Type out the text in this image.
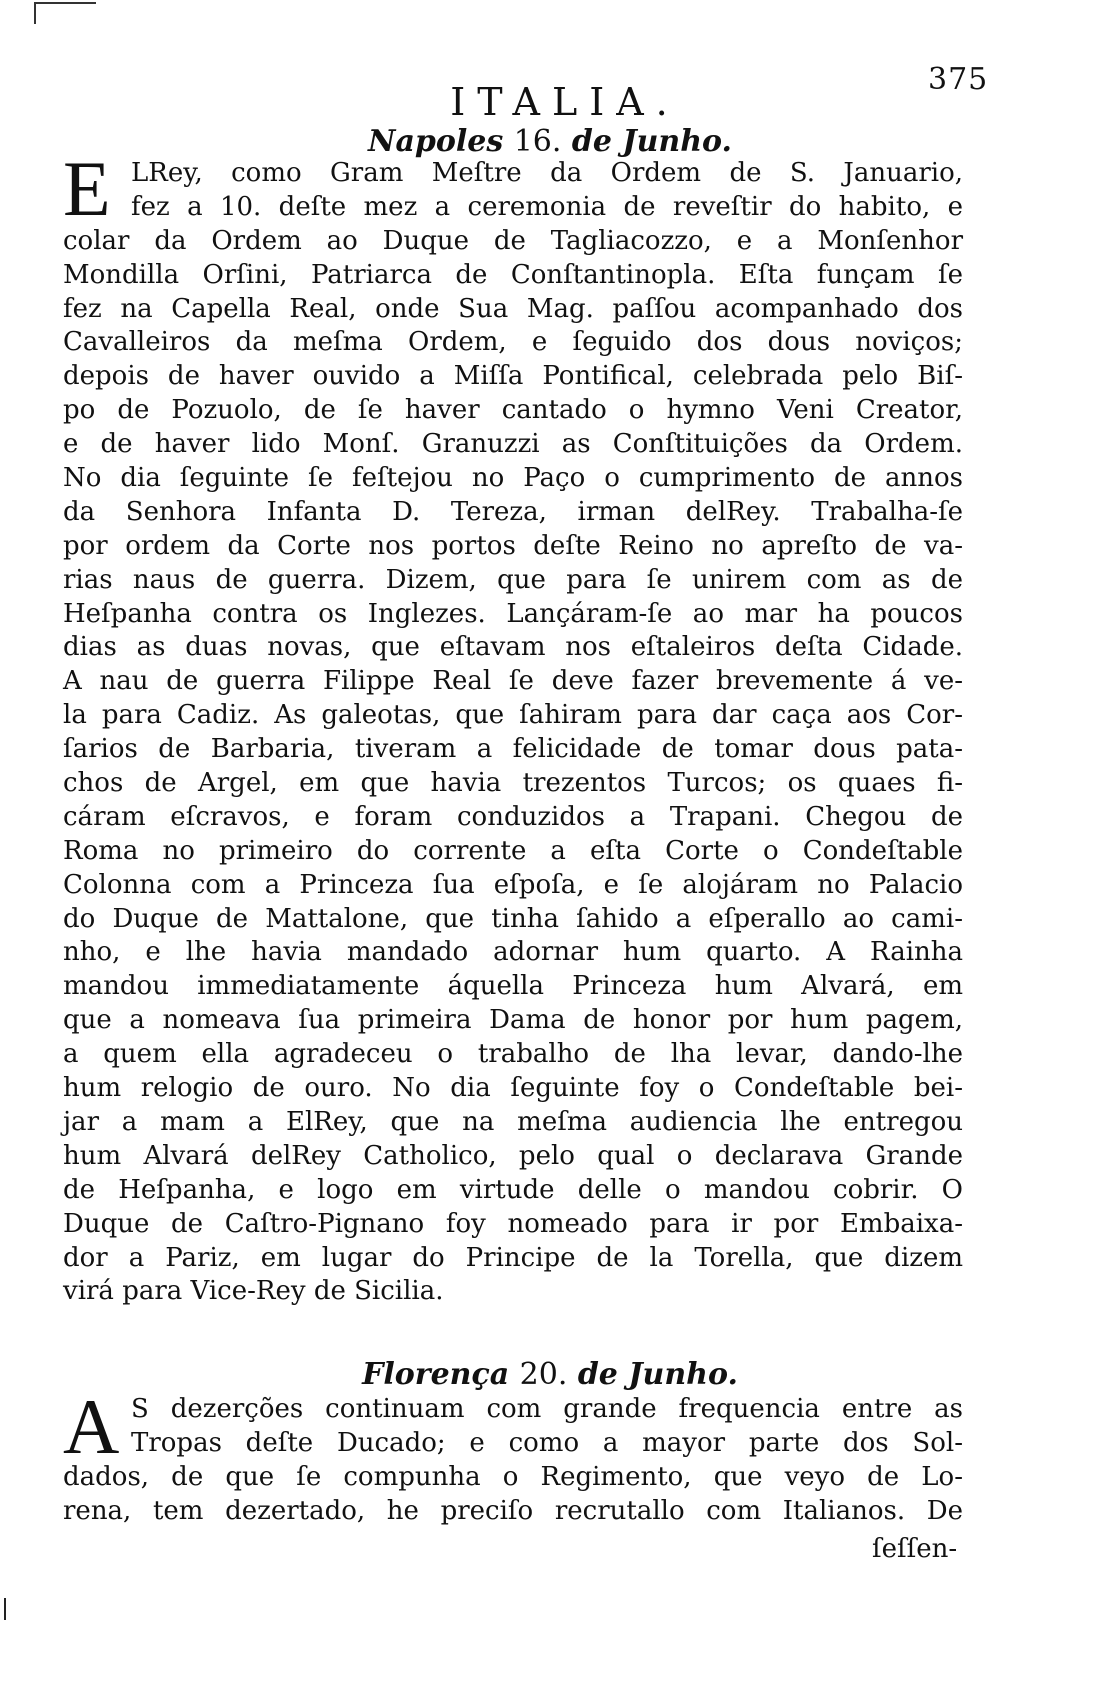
375
ITALIA.
Napoles 16. de Junho.
E LRey, como Gram Meſtre da Ordem de S. Januario,
fez a 10. deſte mez a ceremonia de reveſtir do habito, e
colar da Ordem ao Duque de Tagliacozzo, e a Monſenhor
Mondilla Orſini, Patriarca de Conſtantinopla. Eſta funçam ſe
fez na Capella Real, onde Sua Mag. paſſou acompanhado dos
Cavalleiros da meſma Ordem, e ſeguido dos dous noviços;
depois de haver ouvido a Miſſa Pontifical, celebrada pelo Biſ-
po de Pozuolo, de ſe haver cantado o hymno Veni Creator,
e de haver lido Monſ. Granuzzi as Conſtituições da Ordem.
No dia ſeguinte ſe feſtejou no Paço o cumprimento de annos
da Senhora Infanta D. Tereza, irman delRey. Trabalha-ſe
por ordem da Corte nos portos deſte Reino no apreſto de va-
rias naus de guerra. Dizem, que para ſe unirem com as de
Heſpanha contra os Inglezes. Lançáram-ſe ao mar ha poucos
dias as duas novas, que eſtavam nos eſtaleiros deſta Cidade.
A nau de guerra Filippe Real ſe deve fazer brevemente á ve-
la para Cadiz. As galeotas, que ſahiram para dar caça aos Cor-
ſarios de Barbaria, tiveram a felicidade de tomar dous pata-
chos de Argel, em que havia trezentos Turcos; os quaes fi-
cáram eſcravos, e foram conduzidos a Trapani. Chegou de
Roma no primeiro do corrente a eſta Corte o Condeſtable
Colonna com a Princeza ſua eſpoſa, e ſe alojáram no Palacio
do Duque de Mattalone, que tinha ſahido a eſperallo ao cami-
nho, e lhe havia mandado adornar hum quarto. A Rainha
mandou immediatamente áquella Princeza hum Alvará, em
que a nomeava ſua primeira Dama de honor por hum pagem,
a quem ella agradeceu o trabalho de lha levar, dando-lhe
hum relogio de ouro. No dia ſeguinte foy o Condeſtable bei-
jar a mam a ElRey, que na meſma audiencia lhe entregou
hum Alvará delRey Catholico, pelo qual o declarava Grande
de Heſpanha, e logo em virtude delle o mandou cobrir. O
Duque de Caſtro-Pignano foy nomeado para ir por Embaixa-
dor a Pariz, em lugar do Principe de la Torella, que dizem
virá para Vice-Rey de Sicilia.
Florença 20. de Junho.
A S dezerções continuam com grande frequencia entre as
Tropas deſte Ducado; e como a mayor parte dos Sol-
dados, de que ſe compunha o Regimento, que veyo de Lo-
rena, tem dezertado, he preciſo recrutallo com Italianos. De
ſeſſen-
